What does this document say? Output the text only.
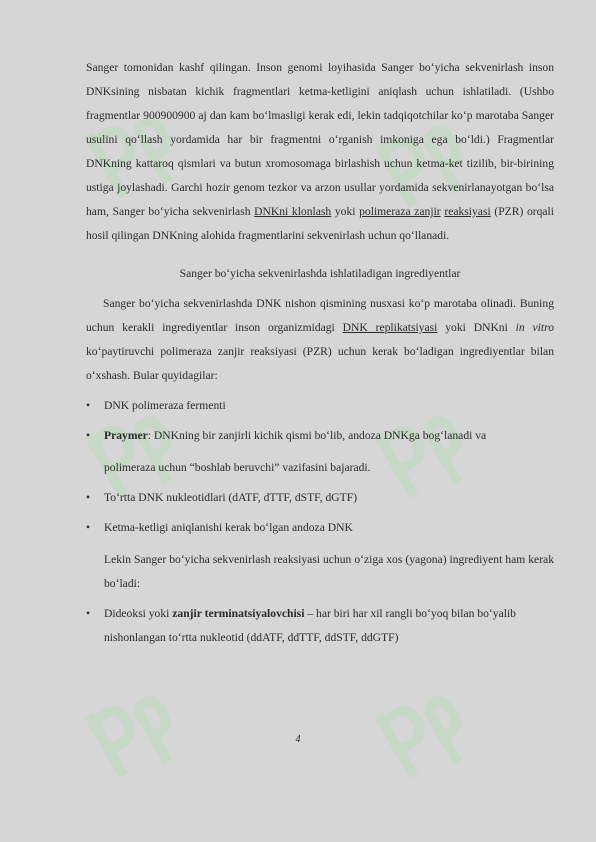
Sanger tomonidan kashf qilingan. Inson genomi loyihasida Sanger bo‘yicha sekvenirlash inson DNKsining nisbatan kichik fragmentlari ketma-ketligini aniqlash uchun ishlatiladi. (Ushbo fragmentlar 900900900 aj dan kam bo‘lmasligi kerak edi, lekin tadqiqotchilar ko‘p marotaba Sanger usulini qo‘llash yordamida har bir fragmentni o‘rganish imkoniga ega bo‘ldi.) Fragmentlar DNKning kattaroq qismlari va butun xromosomaga birlashish uchun ketma-ket tizilib, bir-birining ustiga joylashadi. Garchi hozir genom tezkor va arzon usullar yordamida sekvenirlanayotgan bo‘lsa ham, Sanger bo‘yicha sekvenirlash DNKni klonlash yoki polimeraza zanjir reaksiyasi (PZR) orqali hosil qilingan DNKning alohida fragmentlarini sekvenirlash uchun qo‘llanadi.

Sanger bo‘yicha sekvenirlashda ishlatiladigan ingrediyentlar

Sanger bo‘yicha sekvenirlashda DNK nishon qismining nusxasi ko‘p marotaba olinadi. Buning uchun kerakli ingrediyentlar inson organizmidagi DNK replikatsiyasi yoki DNKni in vitro ko‘paytiruvchi polimeraza zanjir reaksiyasi (PZR) uchun kerak bo‘ladigan ingrediyentlar bilan o‘xshash. Bular quyidagilar:

• DNK polimeraza fermenti

• Praymer: DNKning bir zanjirli kichik qismi bo‘lib, andoza DNKga bog‘lanadi va

polimeraza uchun “boshlab beruvchi” vazifasini bajaradi.

• To‘rtta DNK nukleotidlari (dATF, dTTF, dSTF, dGTF)

• Ketma-ketligi aniqlanishi kerak bo‘lgan andoza DNK

Lekin Sanger bo‘yicha sekvenirlash reaksiyasi uchun o‘ziga xos (yagona) ingrediyent ham kerak bo‘ladi:

• Dideoksi yoki zanjir terminatsiyalovchisi – har biri har xil rangli bo‘yoq bilan bo‘yalib nishonlangan to‘rtta nukleotid (ddATF, ddTTF, ddSTF, ddGTF)

4
